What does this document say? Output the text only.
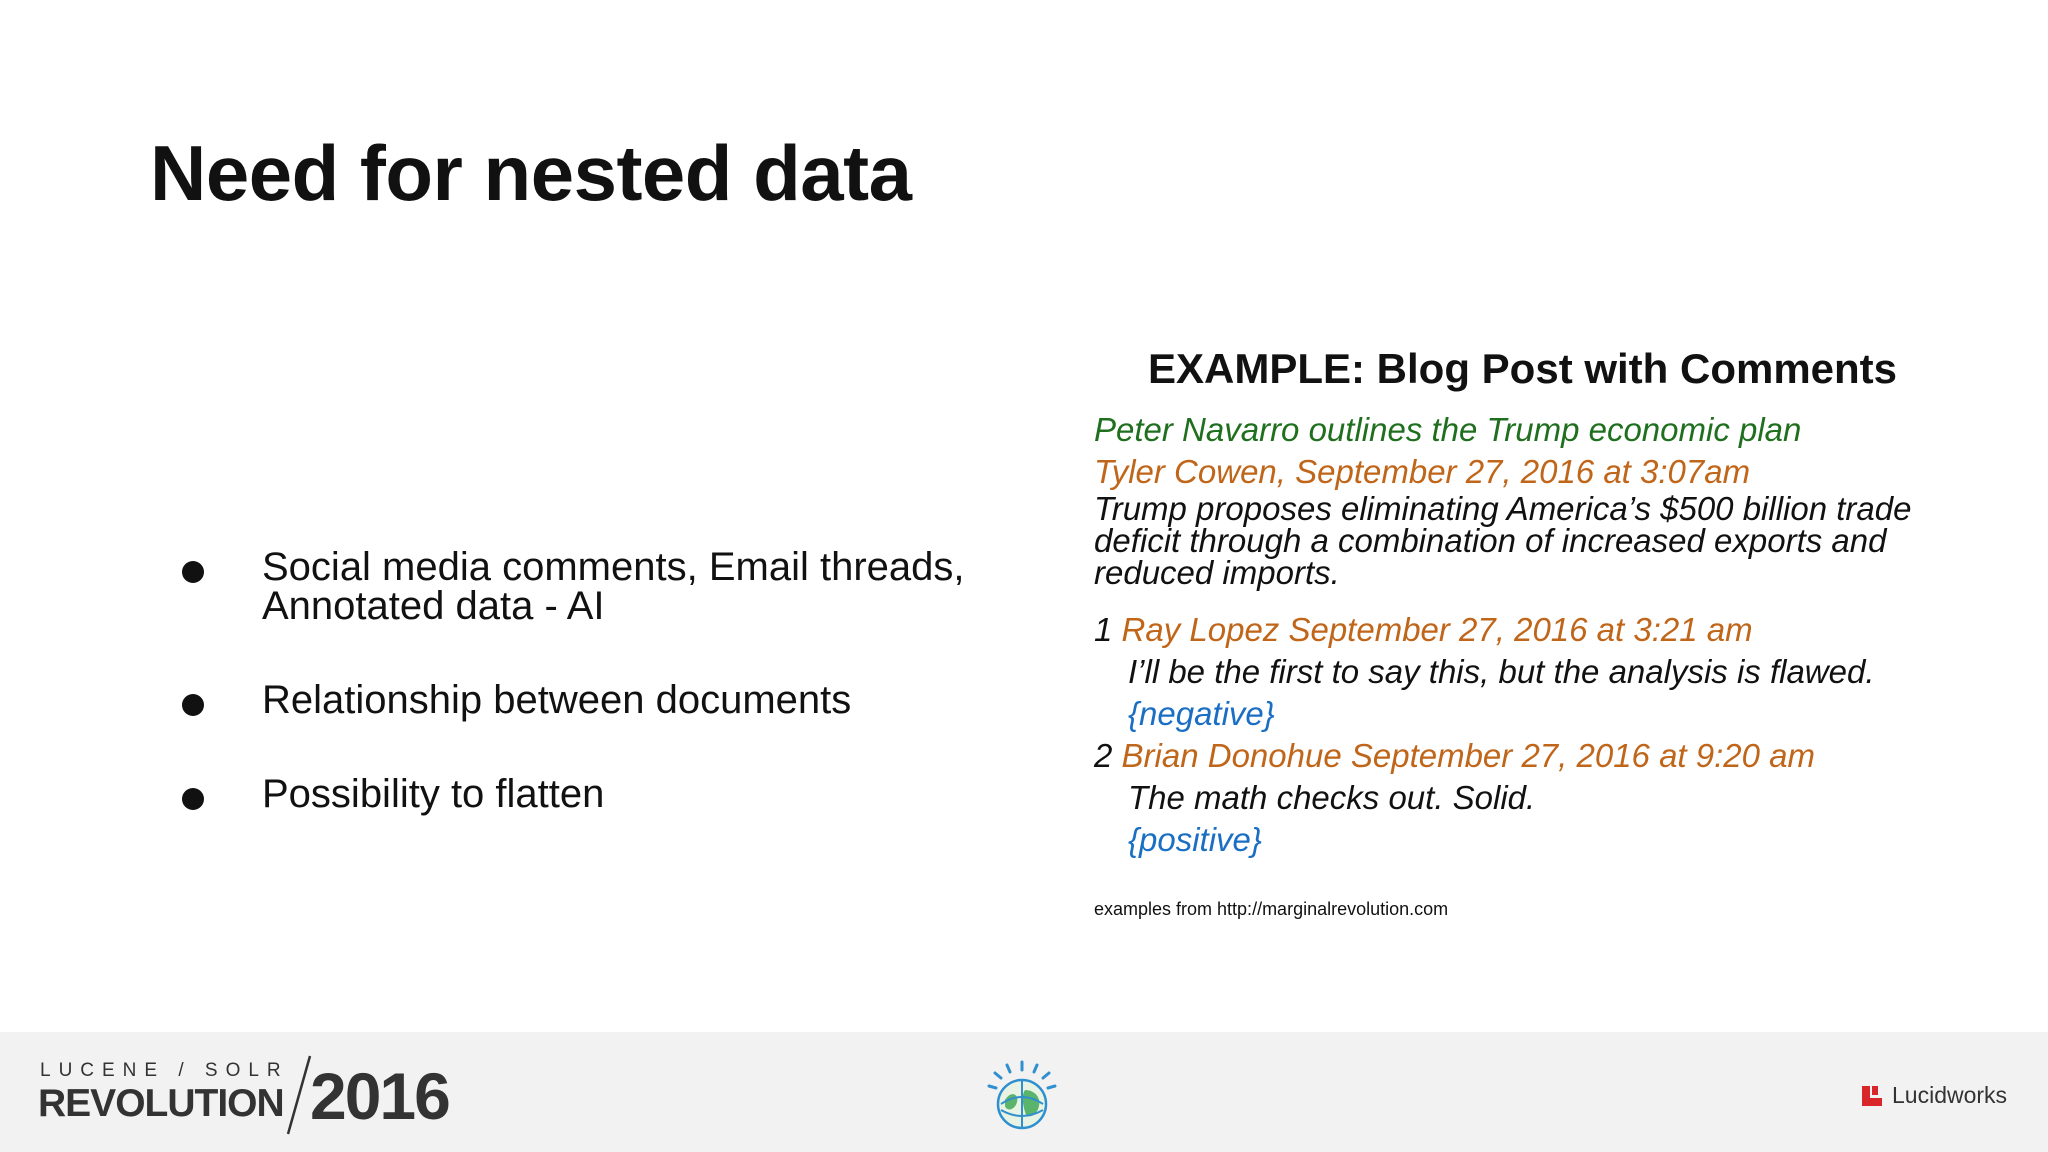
Need for nested data
Social media comments, Email threads, Annotated data - AI
Relationship between documents
Possibility to flatten
EXAMPLE: Blog Post with Comments
Peter Navarro outlines the Trump economic plan
Tyler Cowen, September 27, 2016 at 3:07am
Trump proposes eliminating America’s $500 billion trade deficit through a combination of increased exports and reduced imports.
1 Ray Lopez September 27, 2016 at 3:21 am
I’ll be the first to say this, but the analysis is flawed.
{negative}
2 Brian Donohue September 27, 2016 at 9:20 am
The math checks out. Solid.
{positive}
examples from http://marginalrevolution.com
LUCENE / SOLR
REVOLUTION 2016	Lucidworks
